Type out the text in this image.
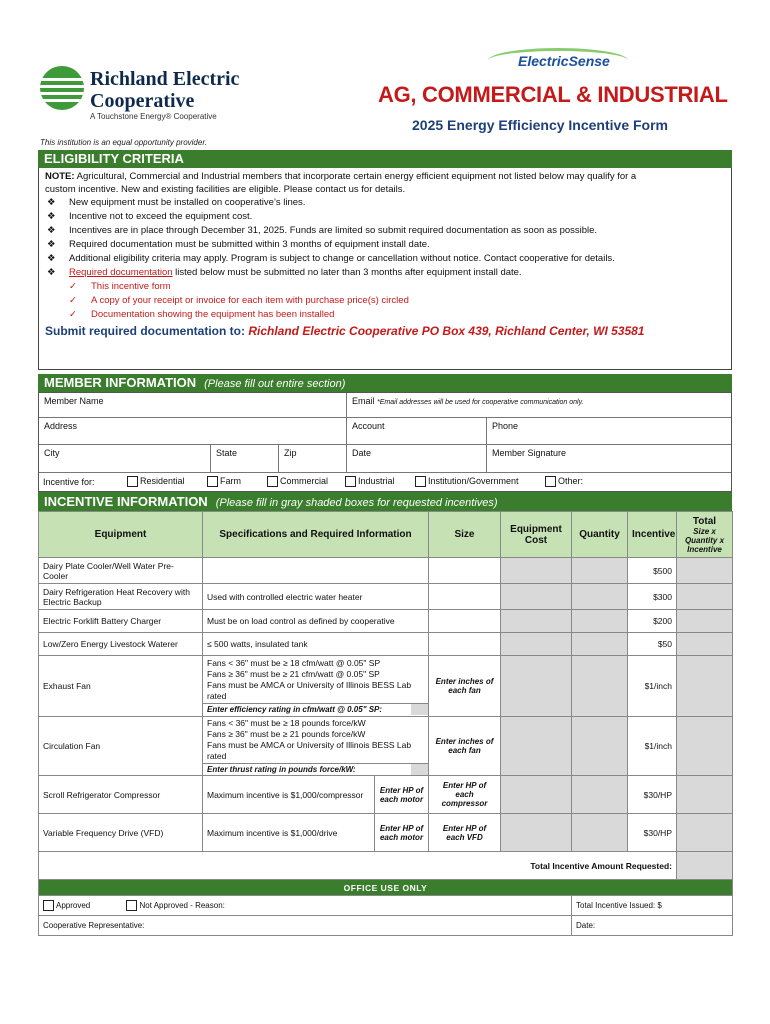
Richland Electric
Cooperative
A Touchstone Energy® Cooperative
This institution is an equal opportunity provider.
ElectricSense
AG, COMMERCIAL & INDUSTRIAL
2025 Energy Efficiency Incentive Form
ELIGIBILITY CRITERIA
NOTE: Agricultural, Commercial and Industrial members that incorporate certain energy efficient equipment not listed below may qualify for a
custom incentive. New and existing facilities are eligible. Please contact us for details.
❖ New equipment must be installed on cooperative’s lines.
❖ Incentive not to exceed the equipment cost.
❖ Incentives are in place through December 31, 2025. Funds are limited so submit required documentation as soon as possible.
❖ Required documentation must be submitted within 3 months of equipment install date.
❖ Additional eligibility criteria may apply. Program is subject to change or cancellation without notice. Contact cooperative for details.
❖ Required documentation listed below must be submitted no later than 3 months after equipment install date.
✓ This incentive form
✓ A copy of your receipt or invoice for each item with purchase price(s) circled
✓ Documentation showing the equipment has been installed
Submit required documentation to: Richland Electric Cooperative PO Box 439, Richland Center, WI 53581
MEMBER INFORMATION (Please fill out entire section)
Member Name	Email *Email addresses will be used for cooperative communication only.
Address	Account	Phone
City	State	Zip	Date	Member Signature
Incentive for:	Residential	Farm	Commercial	Industrial	Institution/Government	Other:
INCENTIVE INFORMATION (Please fill in gray shaded boxes for requested incentives)
Equipment	Specifications and Required Information		Size	Equipment Cost	Quantity	Incentive	Total
Size x Quantity x Incentive

Dairy Plate Cooler/Well Water Pre-Cooler						$500	
Dairy Refrigeration Heat Recovery with Electric Backup	Used with controlled electric water heater					$300	
Electric Forklift Battery Charger	Must be on load control as defined by cooperative					$200	
Low/Zero Energy Livestock Waterer	≤ 500 watts, insulated tank					$50	
Exhaust Fan	Fans < 36" must be ≥ 18 cfm/watt @ 0.05" SP
Fans ≥ 36" must be ≥ 21 cfm/watt @ 0.05" SP
Fans must be AMCA or University of Illinois BESS Lab rated
Enter efficiency rating in cfm/watt @ 0.05" SP:		Enter inches of each fan			$1/inch	
Circulation Fan	Fans < 36" must be ≥ 18 pounds force/kW
Fans ≥ 36" must be ≥ 21 pounds force/kW
Fans must be AMCA or University of Illinois BESS Lab rated
Enter thrust rating in pounds force/kW:		Enter inches of each fan			$1/inch	
Scroll Refrigerator Compressor	Maximum incentive is $1,000/compressor	Enter HP of each motor	Enter HP of each compressor			$30/HP	
Variable Frequency Drive (VFD)	Maximum incentive is $1,000/drive	Enter HP of each motor	Enter HP of each VFD			$30/HP	
Total Incentive Amount Requested:							
OFFICE USE ONLY							
Approved Not Approved - Reason:					Total Incentive Issued: $		
Cooperative Representative:					Date:		
